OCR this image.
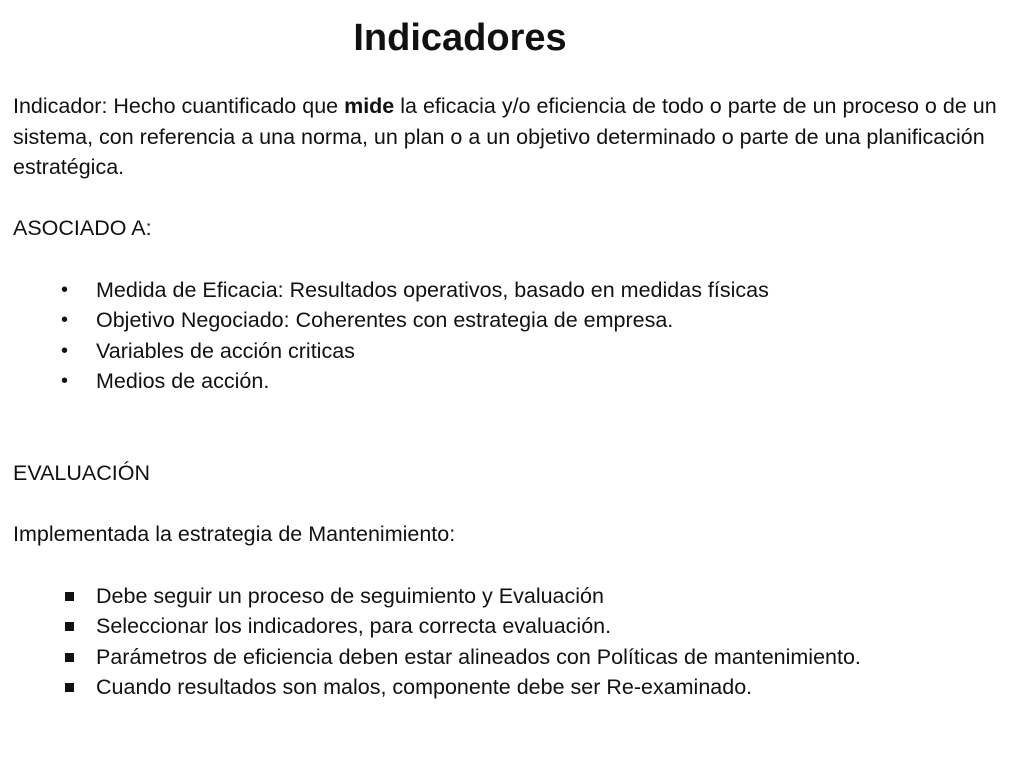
Indicadores

Indicador: Hecho cuantificado que mide la eficacia y/o eficiencia de todo o parte de un proceso o de un sistema, con referencia a una norma, un plan o a un objetivo determinado o parte de una planificación estratégica.

ASOCIADO A:

• Medida de Eficacia: Resultados operativos, basado en medidas físicas
• Objetivo Negociado: Coherentes con estrategia de empresa.
• Variables de acción criticas
• Medios de acción.

EVALUACIÓN

Implementada la estrategia de Mantenimiento:

Debe seguir un proceso de seguimiento y Evaluación
Seleccionar los indicadores, para correcta evaluación.
Parámetros de eficiencia deben estar alineados con Políticas de mantenimiento.
Cuando resultados son malos, componente debe ser Re-examinado.
